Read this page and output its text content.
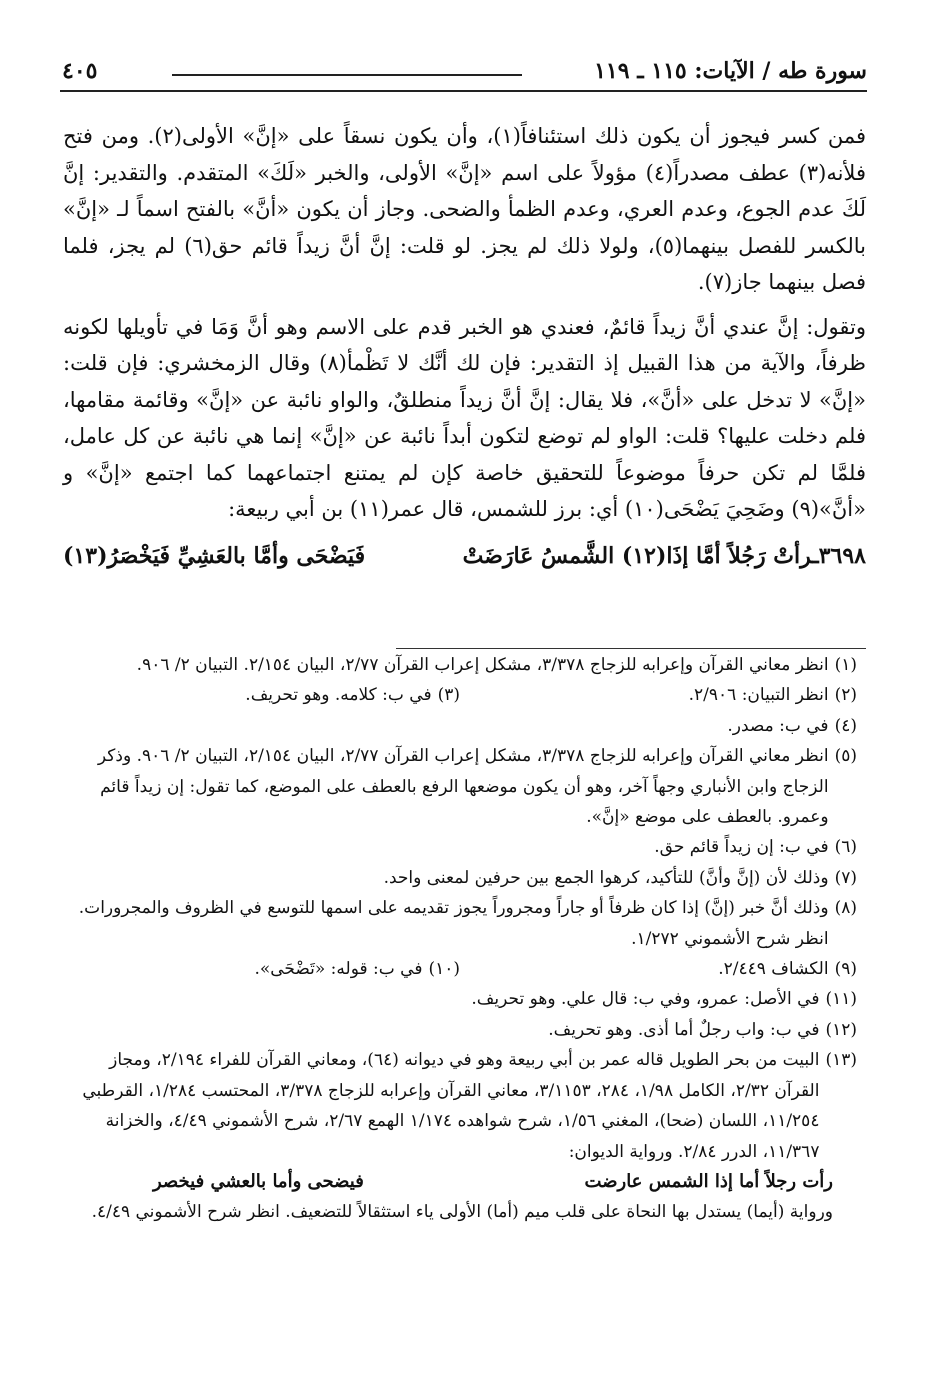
سورة طه / الآيات: ١١٥ ـ ١١٩
٤٠٥

فمن كسر فيجوز أن يكون ذلك استئنافاً(١)، وأن يكون نسقاً على «إنَّ» الأولى(٢). ومن فتح فلأنه(٣) عطف مصدراً(٤) مؤولاً على اسم «إنَّ» الأولى، والخبر «لَكَ» المتقدم. والتقدير: إنَّ لَكَ عدم الجوع، وعدم العري، وعدم الظمأ والضحى. وجاز أن يكون «أنَّ» بالفتح اسماً لـ «إنَّ» بالكسر للفصل بينهما(٥)، ولولا ذلك لم يجز. لو قلت: إنَّ أنَّ زيداً قائم حق(٦) لم يجز، فلما فصل بينهما جاز(٧).

وتقول: إنَّ عندي أنَّ زيداً قائمٌ، فعندي هو الخبر قدم على الاسم وهو أنَّ وَمَا في تأويلها لكونه ظرفاً، والآية من هذا القبيل إذ التقدير: فإن لك أنَّك لا تَظْمأ(٨) وقال الزمخشري: فإن قلت: «إنَّ» لا تدخل على «أنَّ»، فلا يقال: إنَّ أنَّ زيداً منطلقٌ، والواو نائبة عن «إنَّ» وقائمة مقامها، فلم دخلت عليها؟ قلت: الواو لم توضع لتكون أبداً نائبة عن «إنَّ» إنما هي نائبة عن كل عامل، فلمَّا لم تكن حرفاً موضوعاً للتحقيق خاصة كإن لم يمتنع اجتماعهما كما اجتمع «إنَّ» و «أنَّ»(٩) وضَحِيَ يَضْحَى(١٠) أي: برز للشمس، قال عمر(١١) بن أبي ربيعة:

٣٦٩٨ـرأتْ رَجُلاً أمَّا إذَا(١٢) الشَّمسُ عَارَضَتْ
فَيَضْحَى وأمَّا بالعَشِيِّ فَيَخْصَرُ(١٣)
(١)
انظر معاني القرآن وإعرابه للزجاج ٣/٣٧٨، مشكل إعراب القرآن ٢/٧٧، البيان ٢/١٥٤. التبيان ٢/ ٩٠٦.
(٢)
انظر التبيان: ٢/٩٠٦.
(٣)
في ب: كلامه. وهو تحريف.
(٤)
في ب: مصدر.
(٥)
انظر معاني القرآن وإعرابه للزجاج ٣/٣٧٨، مشكل إعراب القرآن ٢/٧٧، البيان ٢/١٥٤، التبيان ٢/ ٩٠٦. وذكر الزجاج وابن الأنباري وجهاً آخر، وهو أن يكون موضعها الرفع بالعطف على الموضع، كما تقول: إن زيداً قائم وعمرو. بالعطف على موضع «إنَّ».
(٦)
في ب: إن زيداً قائم حق.
(٧)
وذلك لأن (إنَّ وأنَّ) للتأكيد، كرهوا الجمع بين حرفين لمعنى واحد.
(٨)
وذلك أنَّ خبر (إنَّ) إذا كان ظرفاً أو جاراً ومجروراً يجوز تقديمه على اسمها للتوسع في الظروف والمجرورات. انظر شرح الأشموني ١/٢٧٢.
(٩)
الكشاف ٢/٤٤٩.
(١٠)
في ب: قوله: «تَضْحَى».
(١١)
في الأصل: عمرو، وفي ب: قال علي. وهو تحريف.
(١٢)
في ب: واب رجلٌ أما أذى. وهو تحريف.
(١٣)
البيت من بحر الطويل قاله عمر بن أبي ربيعة وهو في ديوانه (٦٤)، ومعاني القرآن للفراء ٢/١٩٤، ومجاز القرآن ٢/٣٢، الكامل ١/٩٨، ٢٨٤، ٣/١١٥٣، معاني القرآن وإعرابه للزجاج ٣/٣٧٨، المحتسب ١/٢٨٤، القرطبي ١١/٢٥٤، اللسان (ضحا)، المغني ١/٥٦، شرح شواهده ١/١٧٤ الهمع ٢/٦٧، شرح الأشموني ٤/٤٩، والخزانة ١١/٣٦٧، الدرر ٢/٨٤. ورواية الديوان:
رأت رجلاً أما إذا الشمس عارضت
فيضحى وأما بالعشي فيخصر
ورواية (أيما) يستدل بها النحاة على قلب ميم (أما) الأولى ياء استثقالاً للتضعيف. انظر شرح الأشموني ٤/٤٩.
